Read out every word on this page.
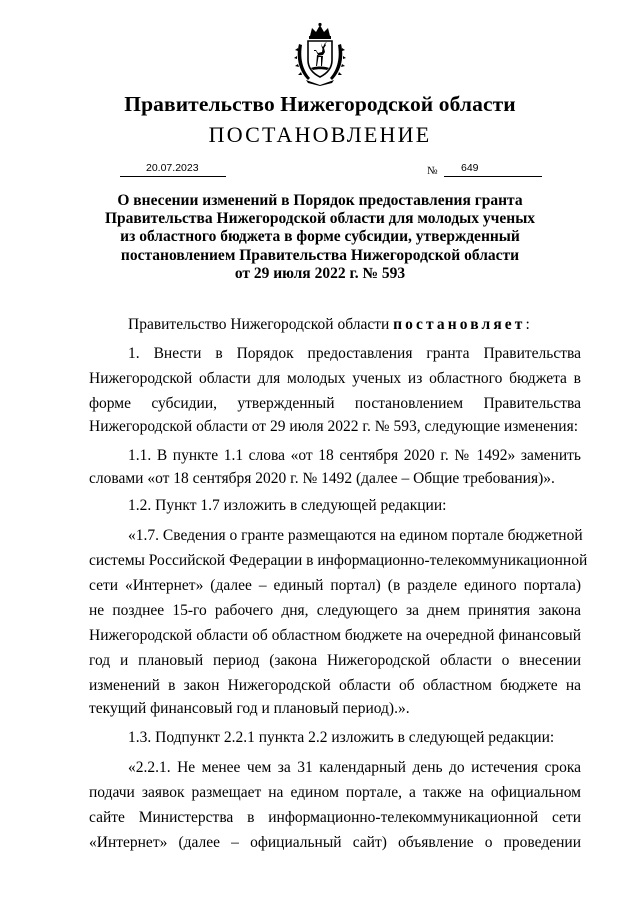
Правительство Нижегородской области
ПОСТАНОВЛЕНИЕ
20.07.2023	№ 649
О внесении изменений в Порядок предоставления гранта
Правительства Нижегородской области для молодых ученых
из областного бюджета в форме субсидии, утвержденный
постановлением Правительства Нижегородской области
от 29 июля 2022 г. № 593
Правительство Нижегородской области постановляет:
1. Внести в Порядок предоставления гранта Правительства
Нижегородской области для молодых ученых из областного бюджета в
форме субсидии, утвержденный постановлением Правительства
Нижегородской области от 29 июля 2022 г. № 593, следующие изменения:
1.1. В пункте 1.1 слова «от 18 сентября 2020 г. № 1492» заменить
словами «от 18 сентября 2020 г. № 1492 (далее – Общие требования)».
1.2. Пункт 1.7 изложить в следующей редакции:
«1.7. Сведения о гранте размещаются на едином портале бюджетной
системы Российской Федерации в информационно-телекоммуникационной
сети «Интернет» (далее – единый портал) (в разделе единого портала)
не позднее 15-го рабочего дня, следующего за днем принятия закона
Нижегородской области об областном бюджете на очередной финансовый
год и плановый период (закона Нижегородской области о внесении
изменений в закон Нижегородской области об областном бюджете на
текущий финансовый год и плановый период).».
1.3. Подпункт 2.2.1 пункта 2.2 изложить в следующей редакции:
«2.2.1. Не менее чем за 31 календарный день до истечения срока
подачи заявок размещает на едином портале, а также на официальном
сайте Министерства в информационно-телекоммуникационной сети
«Интернет» (далее – официальный сайт) объявление о проведении
